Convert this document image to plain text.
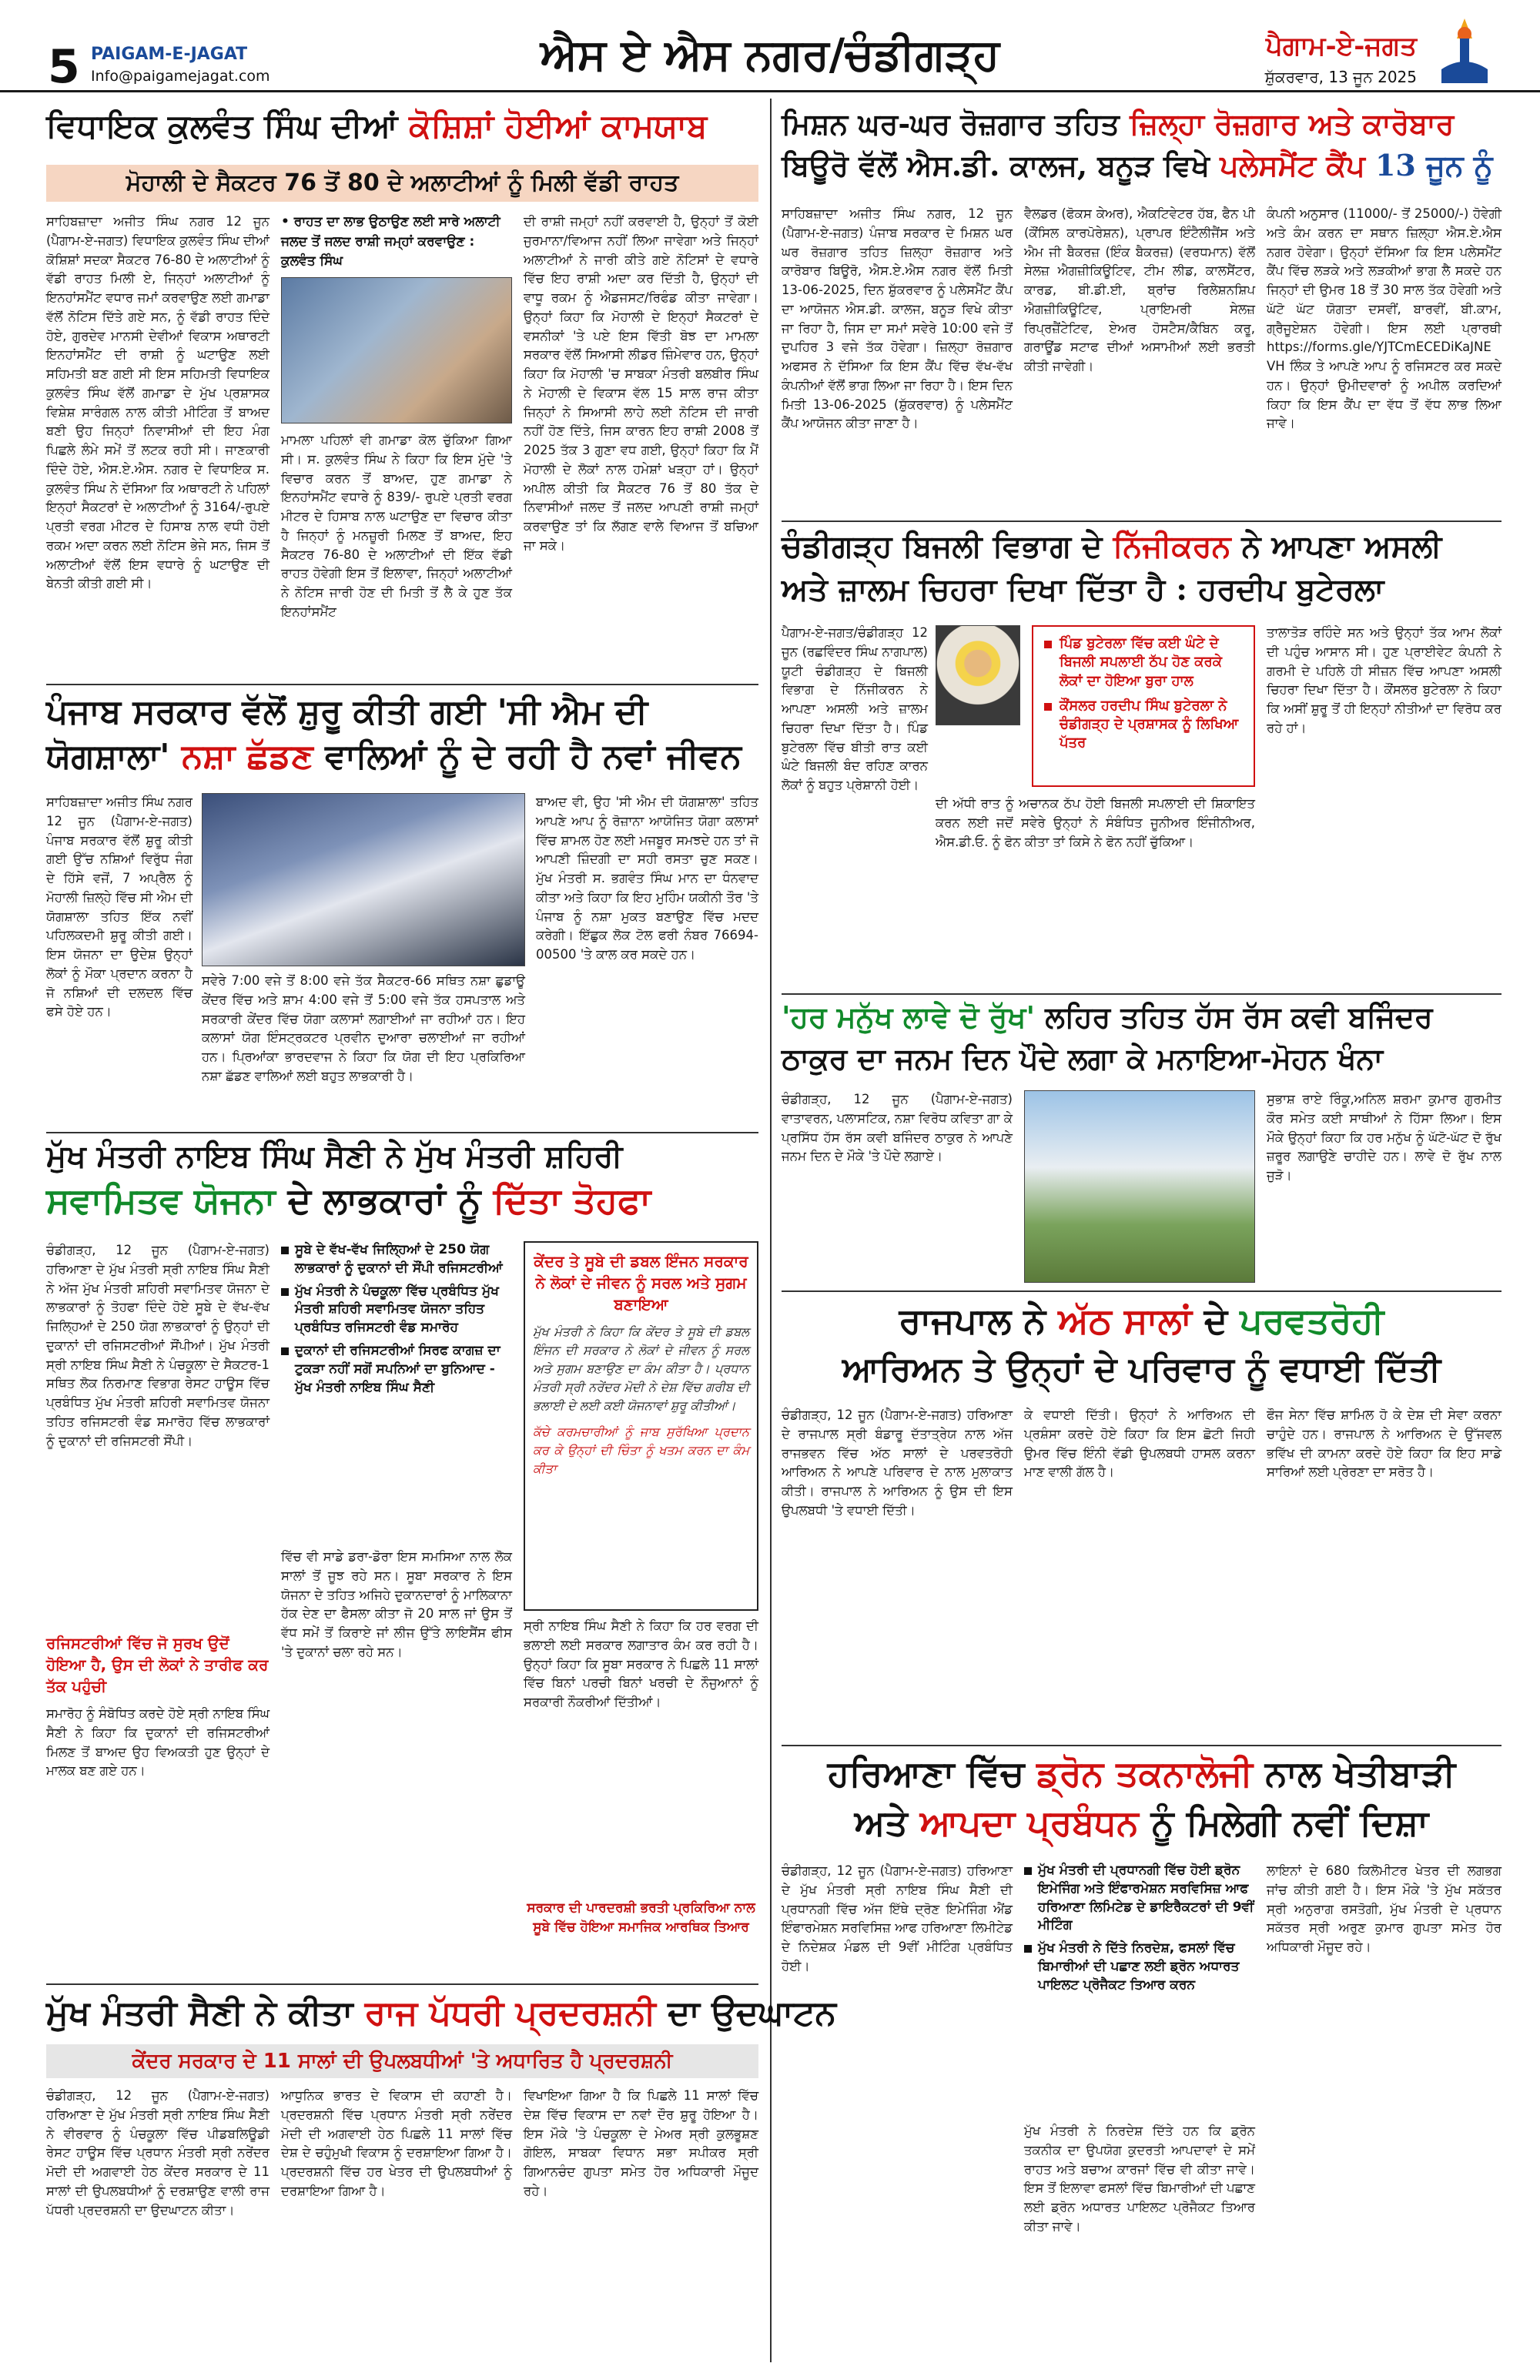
5 PAIGAM-E-JAGAT
Info@paigamejagat.com	ਐਸ ਏ ਐਸ ਨਗਰ/ਚੰਡੀਗੜ੍ਹ	ਪੈਗਾਮ-ਏ-ਜਗਤ
ਸ਼ੁੱਕਰਵਾਰ, 13 ਜੂਨ 2025
ਵਿਧਾਇਕ ਕੁਲਵੰਤ ਸਿੰਘ ਦੀਆਂ ਕੋਸ਼ਿਸ਼ਾਂ ਹੋਈਆਂ ਕਾਮਯਾਬ
ਮੋਹਾਲੀ ਦੇ ਸੈਕਟਰ 76 ਤੋਂ 80 ਦੇ ਅਲਾਟੀਆਂ ਨੂੰ ਮਿਲੀ ਵੱਡੀ ਰਾਹਤ
ਸਾਹਿਬਜ਼ਾਦਾ ਅਜੀਤ ਸਿੰਘ ਨਗਰ 12 ਜੂਨ (ਪੈਗਾਮ-ਏ-ਜਗਤ) ਵਿਧਾਇਕ ਕੁਲਵੰਤ ਸਿੰਘ ਦੀਆਂ ਕੋਸ਼ਿਸ਼ਾਂ ਸਦਕਾ ਸੈਕਟਰ 76-80 ਦੇ ਅਲਾਟੀਆਂ ਨੂੰ ਵੱਡੀ ਰਾਹਤ ਮਿਲੀ ਏ, ਜਿਨ੍ਹਾਂ ਅਲਾਟੀਆਂ ਨੂੰ ਇਨਹਾਂਸਮੈਂਟ ਵਧਾਰ ਜਮਾਂ ਕਰਵਾਉਣ ਲਈ ਗਮਾਡਾ ਵੱਲੋਂ ਨੋਟਿਸ ਦਿੱਤੇ ਗਏ ਸਨ, ਨੂੰ ਵੱਡੀ ਰਾਹਤ ਦਿੰਦੇ ਹੋਏ, ਗੁਰਦੇਵ ਮਾਨਸੀ ਦੇਵੀਆਂ ਵਿਕਾਸ ਅਥਾਰਟੀ ਇਨਹਾਂਸਮੈਂਟ ਦੀ ਰਾਸ਼ੀ ਨੂੰ ਘਟਾਉਣ ਲਈ ਸਹਿਮਤੀ ਬਣ ਗਈ ਸੀ ਇਸ ਸਹਿਮਤੀ ਵਿਧਾਇਕ ਕੁਲਵੰਤ ਸਿੰਘ ਵੱਲੋਂ ਗਮਾਡਾ ਦੇ ਮੁੱਖ ਪ੍ਰਸ਼ਾਸਕ ਵਿਸ਼ੇਸ਼ ਸਾਰੰਗਲ ਨਾਲ ਕੀਤੀ ਮੀਟਿੰਗ ਤੋਂ ਬਾਅਦ ਬਣੀ ਉਹ ਜਿਨ੍ਹਾਂ ਨਿਵਾਸੀਆਂ ਦੀ ਇਹ ਮੰਗ ਪਿਛਲੇ ਲੰਮੇ ਸਮੇਂ ਤੋਂ ਲਟਕ ਰਹੀ ਸੀ। ਜਾਣਕਾਰੀ ਦਿੰਦੇ ਹੋਏ, ਐਸ.ਏ.ਐਸ. ਨਗਰ ਦੇ ਵਿਧਾਇਕ ਸ. ਕੁਲਵੰਤ ਸਿੰਘ ਨੇ ਦੱਸਿਆ ਕਿ ਅਥਾਰਟੀ ਨੇ ਪਹਿਲਾਂ ਇਨ੍ਹਾਂ ਸੈਕਟਰਾਂ ਦੇ ਅਲਾਟੀਆਂ ਨੂੰ 3164/-ਰੁਪਏ ਪ੍ਰਤੀ ਵਰਗ ਮੀਟਰ ਦੇ ਹਿਸਾਬ ਨਾਲ ਵਧੀ ਹੋਈ ਰਕਮ ਅਦਾ ਕਰਨ ਲਈ ਨੋਟਿਸ ਭੇਜੇ ਸਨ, ਜਿਸ ਤੋਂ ਅਲਾਟੀਆਂ ਵੱਲੋਂ ਇਸ ਵਧਾਰੇ ਨੂੰ ਘਟਾਉਣ ਦੀ ਬੇਨਤੀ ਕੀਤੀ ਗਈ ਸੀ।
• ਰਾਹਤ ਦਾ ਲਾਭ ਉਠਾਉਣ ਲਈ ਸਾਰੇ ਅਲਾਟੀ ਜਲਦ ਤੋਂ ਜਲਦ ਰਾਸ਼ੀ ਜਮ੍ਹਾਂ ਕਰਵਾਉਣ : ਕੁਲਵੰਤ ਸਿੰਘ
ਮਾਮਲਾ ਪਹਿਲਾਂ ਵੀ ਗਮਾਡਾ ਕੋਲ ਚੁੱਕਿਆ ਗਿਆ ਸੀ। ਸ. ਕੁਲਵੰਤ ਸਿੰਘ ਨੇ ਕਿਹਾ ਕਿ ਇਸ ਮੁੱਦੇ 'ਤੇ ਵਿਚਾਰ ਕਰਨ ਤੋਂ ਬਾਅਦ, ਹੁਣ ਗਮਾਡਾ ਨੇ ਇਨਹਾਂਸਮੈਂਟ ਵਧਾਰੇ ਨੂੰ 839/- ਰੁਪਏ ਪ੍ਰਤੀ ਵਰਗ ਮੀਟਰ ਦੇ ਹਿਸਾਬ ਨਾਲ ਘਟਾਉਣ ਦਾ ਵਿਚਾਰ ਕੀਤਾ ਹੈ ਜਿਨ੍ਹਾਂ ਨੂੰ ਮਨਜ਼ੂਰੀ ਮਿਲਣ ਤੋਂ ਬਾਅਦ, ਇਹ ਸੈਕਟਰ 76-80 ਦੇ ਅਲਾਟੀਆਂ ਦੀ ਇੱਕ ਵੱਡੀ ਰਾਹਤ ਹੋਵੇਗੀ ਇਸ ਤੋਂ ਇਲਾਵਾ, ਜਿਨ੍ਹਾਂ ਅਲਾਟੀਆਂ ਨੇ ਨੋਟਿਸ ਜਾਰੀ ਹੋਣ ਦੀ ਮਿਤੀ ਤੋਂ ਲੈ ਕੇ ਹੁਣ ਤੱਕ ਇਨਹਾਂਸਮੈਂਟ
ਦੀ ਰਾਸ਼ੀ ਜਮ੍ਹਾਂ ਨਹੀਂ ਕਰਵਾਈ ਹੈ, ਉਨ੍ਹਾਂ ਤੋਂ ਕੋਈ ਜੁਰਮਾਨਾ/ਵਿਆਜ ਨਹੀਂ ਲਿਆ ਜਾਵੇਗਾ ਅਤੇ ਜਿਨ੍ਹਾਂ ਅਲਾਟੀਆਂ ਨੇ ਜਾਰੀ ਕੀਤੇ ਗਏ ਨੋਟਿਸਾਂ ਦੇ ਵਧਾਰੇ ਵਿੱਚ ਇਹ ਰਾਸ਼ੀ ਅਦਾ ਕਰ ਦਿੱਤੀ ਹੈ, ਉਨ੍ਹਾਂ ਦੀ ਵਾਧੂ ਰਕਮ ਨੂੰ ਐਡਜਸਟ/ਰਿਫੰਡ ਕੀਤਾ ਜਾਵੇਗਾ। ਉਨ੍ਹਾਂ ਕਿਹਾ ਕਿ ਮੋਹਾਲੀ ਦੇ ਇਨ੍ਹਾਂ ਸੈਕਟਰਾਂ ਦੇ ਵਸਨੀਕਾਂ 'ਤੇ ਪਏ ਇਸ ਵਿੱਤੀ ਬੋਝ ਦਾ ਮਾਮਲਾ ਸਰਕਾਰ ਵੱਲੋਂ ਸਿਆਸੀ ਲੀਡਰ ਜ਼ਿੰਮੇਵਾਰ ਹਨ, ਉਨ੍ਹਾਂ ਕਿਹਾ ਕਿ ਮੋਹਾਲੀ 'ਚ ਸਾਬਕਾ ਮੰਤਰੀ ਬਲਬੀਰ ਸਿੰਘ ਨੇ ਮੋਹਾਲੀ ਦੇ ਵਿਕਾਸ ਵੱਲ 15 ਸਾਲ ਰਾਜ ਕੀਤਾ ਜਿਨ੍ਹਾਂ ਨੇ ਸਿਆਸੀ ਲਾਹੇ ਲਈ ਨੋਟਿਸ ਦੀ ਜਾਰੀ ਨਹੀਂ ਹੋਣ ਦਿੱਤੇ, ਜਿਸ ਕਾਰਨ ਇਹ ਰਾਸ਼ੀ 2008 ਤੋਂ 2025 ਤੱਕ 3 ਗੁਣਾ ਵਧ ਗਈ, ਉਨ੍ਹਾਂ ਕਿਹਾ ਕਿ ਮੈਂ ਮੋਹਾਲੀ ਦੇ ਲੋਕਾਂ ਨਾਲ ਹਮੇਸ਼ਾਂ ਖੜ੍ਹਾ ਹਾਂ। ਉਨ੍ਹਾਂ ਅਪੀਲ ਕੀਤੀ ਕਿ ਸੈਕਟਰ 76 ਤੋਂ 80 ਤੱਕ ਦੇ ਨਿਵਾਸੀਆਂ ਜਲਦ ਤੋਂ ਜਲਦ ਆਪਣੀ ਰਾਸ਼ੀ ਜਮ੍ਹਾਂ ਕਰਵਾਉਣ ਤਾਂ ਕਿ ਲੱਗਣ ਵਾਲੇ ਵਿਆਜ ਤੋਂ ਬਚਿਆ ਜਾ ਸਕੇ।
ਪੰਜਾਬ ਸਰਕਾਰ ਵੱਲੋਂ ਸ਼ੁਰੂ ਕੀਤੀ ਗਈ 'ਸੀ ਐਮ ਦੀ
ਯੋਗਸ਼ਾਲਾ' ਨਸ਼ਾ ਛੱਡਣ ਵਾਲਿਆਂ ਨੂੰ ਦੇ ਰਹੀ ਹੈ ਨਵਾਂ ਜੀਵਨ
ਸਾਹਿਬਜ਼ਾਦਾ ਅਜੀਤ ਸਿੰਘ ਨਗਰ 12 ਜੂਨ (ਪੈਗਾਮ-ਏ-ਜਗਤ) ਪੰਜਾਬ ਸਰਕਾਰ ਵੱਲੋਂ ਸ਼ੁਰੂ ਕੀਤੀ ਗਈ ਉੱਚ ਨਸ਼ਿਆਂ ਵਿਰੁੱਧ ਜੰਗ ਦੇ ਹਿੱਸੇ ਵਜੋਂ, 7 ਅਪ੍ਰੈਲ ਨੂੰ ਮੋਹਾਲੀ ਜ਼ਿਲ੍ਹੇ ਵਿੱਚ ਸੀ ਐਮ ਦੀ ਯੋਗਸ਼ਾਲਾ ਤਹਿਤ ਇੱਕ ਨਵੀਂ ਪਹਿਲਕਦਮੀ ਸ਼ੁਰੂ ਕੀਤੀ ਗਈ। ਇਸ ਯੋਜਨਾ ਦਾ ਉਦੇਸ਼ ਉਨ੍ਹਾਂ ਲੋਕਾਂ ਨੂੰ ਮੌਕਾ ਪ੍ਰਦਾਨ ਕਰਨਾ ਹੈ ਜੋ ਨਸ਼ਿਆਂ ਦੀ ਦਲਦਲ ਵਿੱਚ ਫਸੇ ਹੋਏ ਹਨ।
ਸਵੇਰੇ 7:00 ਵਜੇ ਤੋਂ 8:00 ਵਜੇ ਤੱਕ ਸੈਕਟਰ-66 ਸਥਿਤ ਨਸ਼ਾ ਛੁਡਾਊ ਕੇਂਦਰ ਵਿੱਚ ਅਤੇ ਸ਼ਾਮ 4:00 ਵਜੇ ਤੋਂ 5:00 ਵਜੇ ਤੱਕ ਹਸਪਤਾਲ ਅਤੇ ਸਰਕਾਰੀ ਕੇਂਦਰ ਵਿੱਚ ਯੋਗਾ ਕਲਾਸਾਂ ਲਗਾਈਆਂ ਜਾ ਰਹੀਆਂ ਹਨ। ਇਹ ਕਲਾਸਾਂ ਯੋਗ ਇੰਸਟ੍ਰਕਟਰ ਪ੍ਰਵੀਨ ਦੁਆਰਾ ਚਲਾਈਆਂ ਜਾ ਰਹੀਆਂ ਹਨ। ਪ੍ਰਿਆਂਕਾ ਭਾਰਦਵਾਜ ਨੇ ਕਿਹਾ ਕਿ ਯੋਗ ਦੀ ਇਹ ਪ੍ਰਕਿਰਿਆ ਨਸ਼ਾ ਛੱਡਣ ਵਾਲਿਆਂ ਲਈ ਬਹੁਤ ਲਾਭਕਾਰੀ ਹੈ।
ਬਾਅਦ ਵੀ, ਉਹ 'ਸੀ ਐਮ ਦੀ ਯੋਗਸ਼ਾਲਾ' ਤਹਿਤ ਆਪਣੇ ਆਪ ਨੂੰ ਰੋਜ਼ਾਨਾ ਆਯੋਜਿਤ ਯੋਗਾ ਕਲਾਸਾਂ ਵਿੱਚ ਸ਼ਾਮਲ ਹੋਣ ਲਈ ਮਜਬੂਰ ਸਮਝਦੇ ਹਨ ਤਾਂ ਜੋ ਆਪਣੀ ਜ਼ਿੰਦਗੀ ਦਾ ਸਹੀ ਰਸਤਾ ਚੁਣ ਸਕਣ। ਮੁੱਖ ਮੰਤਰੀ ਸ. ਭਗਵੰਤ ਸਿੰਘ ਮਾਨ ਦਾ ਧੰਨਵਾਦ ਕੀਤਾ ਅਤੇ ਕਿਹਾ ਕਿ ਇਹ ਮੁਹਿੰਮ ਯਕੀਨੀ ਤੌਰ 'ਤੇ ਪੰਜਾਬ ਨੂੰ ਨਸ਼ਾ ਮੁਕਤ ਬਣਾਉਣ ਵਿੱਚ ਮਦਦ ਕਰੇਗੀ। ਇੱਛੁਕ ਲੋਕ ਟੋਲ ਫਰੀ ਨੰਬਰ 76694-00500 'ਤੇ ਕਾਲ ਕਰ ਸਕਦੇ ਹਨ।
ਮੁੱਖ ਮੰਤਰੀ ਨਾਇਬ ਸਿੰਘ ਸੈਣੀ ਨੇ ਮੁੱਖ ਮੰਤਰੀ ਸ਼ਹਿਰੀ
ਸਵਾਮਿਤਵ ਯੋਜਨਾ ਦੇ ਲਾਭਕਾਰਾਂ ਨੂੰ ਦਿੱਤਾ ਤੋਹਫਾ
ਚੰਡੀਗੜ੍ਹ, 12 ਜੂਨ (ਪੈਗਾਮ-ਏ-ਜਗਤ) ਹਰਿਆਣਾ ਦੇ ਮੁੱਖ ਮੰਤਰੀ ਸ੍ਰੀ ਨਾਇਬ ਸਿੰਘ ਸੈਣੀ ਨੇ ਅੱਜ ਮੁੱਖ ਮੰਤਰੀ ਸ਼ਹਿਰੀ ਸਵਾਮਿਤਵ ਯੋਜਨਾ ਦੇ ਲਾਭਕਾਰਾਂ ਨੂੰ ਤੋਹਫਾ ਦਿੰਦੇ ਹੋਏ ਸੂਬੇ ਦੇ ਵੱਖ-ਵੱਖ ਜਿਲ੍ਹਿਆਂ ਦੇ 250 ਯੋਗ ਲਾਭਕਾਰਾਂ ਨੂੰ ਉਨ੍ਹਾਂ ਦੀ ਦੁਕਾਨਾਂ ਦੀ ਰਜਿਸਟਰੀਆਂ ਸੌਂਪੀਆਂ। ਮੁੱਖ ਮੰਤਰੀ ਸ੍ਰੀ ਨਾਇਬ ਸਿੰਘ ਸੈਣੀ ਨੇ ਪੰਚਕੂਲਾ ਦੇ ਸੈਕਟਰ-1 ਸਥਿਤ ਲੋਕ ਨਿਰਮਾਣ ਵਿਭਾਗ ਰੇਸਟ ਹਾਊਸ ਵਿੱਚ ਪ੍ਰਬੰਧਿਤ ਮੁੱਖ ਮੰਤਰੀ ਸ਼ਹਿਰੀ ਸਵਾਮਿਤਵ ਯੋਜਨਾ ਤਹਿਤ ਰਜਿਸਟਰੀ ਵੰਡ ਸਮਾਰੋਹ ਵਿੱਚ ਲਾਭਕਾਰਾਂ ਨੂੰ ਦੁਕਾਨਾਂ ਦੀ ਰਜਿਸਟਰੀ ਸੌਂਪੀ।
ਰਜਿਸਟਰੀਆਂ ਵਿੱਚ ਜੋ ਸੁਰਖ ਉਦੋਂ ਹੋਇਆ ਹੈ, ਉਸ ਦੀ ਲੋਕਾਂ ਨੇ ਤਾਰੀਫ ਕਰ ਤੱਕ ਪਹੁੰਚੀ
ਸਮਾਰੋਹ ਨੂੰ ਸੰਬੋਧਿਤ ਕਰਦੇ ਹੋਏ ਸ੍ਰੀ ਨਾਇਬ ਸਿੰਘ ਸੈਣੀ ਨੇ ਕਿਹਾ ਕਿ ਦੁਕਾਨਾਂ ਦੀ ਰਜਿਸਟਰੀਆਂ ਮਿਲਣ ਤੋਂ ਬਾਅਦ ਉਹ ਵਿਅਕਤੀ ਹੁਣ ਉਨ੍ਹਾਂ ਦੇ ਮਾਲਕ ਬਣ ਗਏ ਹਨ।
ਸੂਬੇ ਦੇ ਵੱਖ-ਵੱਖ ਜਿਲ੍ਹਿਆਂ ਦੇ 250 ਯੋਗ ਲਾਭਕਾਰਾਂ ਨੂੰ ਦੁਕਾਨਾਂ ਦੀ ਸੌਂਪੀ ਰਜਿਸਟਰੀਆਂ
ਮੁੱਖ ਮੰਤਰੀ ਨੇ ਪੰਚਕੂਲਾ ਵਿੱਚ ਪ੍ਰਬੰਧਿਤ ਮੁੱਖ ਮੰਤਰੀ ਸ਼ਹਿਰੀ ਸਵਾਮਿਤਵ ਯੋਜਨਾ ਤਹਿਤ ਪ੍ਰਬੰਧਿਤ ਰਜਿਸਟਰੀ ਵੰਡ ਸਮਾਰੋਹ
ਦੁਕਾਨਾਂ ਦੀ ਰਜਿਸਟਰੀਆਂ ਸਿਰਫ ਕਾਗਜ਼ ਦਾ ਟੁਕੜਾ ਨਹੀਂ ਸਗੋਂ ਸਪਨਿਆਂ ਦਾ ਬੁਨਿਆਦ - ਮੁੱਖ ਮੰਤਰੀ ਨਾਇਬ ਸਿੰਘ ਸੈਣੀ
ਵਿੱਚ ਵੀ ਸਾਡੇ ਡਰਾ-ਡੋਰਾ ਇਸ ਸਮਸਿਆ ਨਾਲ ਲੋਕ ਸਾਲਾਂ ਤੋਂ ਜੂਝ ਰਹੇ ਸਨ। ਸੂਬਾ ਸਰਕਾਰ ਨੇ ਇਸ ਯੋਜਨਾ ਦੇ ਤਹਿਤ ਅਜਿਹੇ ਦੁਕਾਨਦਾਰਾਂ ਨੂੰ ਮਾਲਿਕਾਨਾ ਹੱਕ ਦੇਣ ਦਾ ਫੈਸਲਾ ਕੀਤਾ ਜੋ 20 ਸਾਲ ਜਾਂ ਉਸ ਤੋਂ ਵੱਧ ਸਮੇਂ ਤੋਂ ਕਿਰਾਏ ਜਾਂ ਲੀਜ ਉੱਤੇ ਲਾਇਸੈਂਸ ਫੀਸ 'ਤੇ ਦੁਕਾਨਾਂ ਚਲਾ ਰਹੇ ਸਨ।
ਕੇਂਦਰ ਤੇ ਸੂਬੇ ਦੀ ਡਬਲ ਇੰਜਨ ਸਰਕਾਰ ਨੇ ਲੋਕਾਂ ਦੇ ਜੀਵਨ ਨੂੰ ਸਰਲ ਅਤੇ ਸੁਗਮ ਬਣਾਇਆ
ਮੁੱਖ ਮੰਤਰੀ ਨੇ ਕਿਹਾ ਕਿ ਕੇਂਦਰ ਤੇ ਸੂਬੇ ਦੀ ਡਬਲ ਇੰਜਨ ਦੀ ਸਰਕਾਰ ਨੇ ਲੋਕਾਂ ਦੇ ਜੀਵਨ ਨੂੰ ਸਰਲ ਅਤੇ ਸੁਗਮ ਬਣਾਉਣ ਦਾ ਕੰਮ ਕੀਤਾ ਹੈ। ਪ੍ਰਧਾਨ ਮੰਤਰੀ ਸ੍ਰੀ ਨਰੇਂਦਰ ਮੋਦੀ ਨੇ ਦੇਸ਼ ਵਿੱਚ ਗਰੀਬ ਦੀ ਭਲਾਈ ਦੇ ਲਈ ਕਈ ਯੋਜਨਾਵਾਂ ਸ਼ੁਰੂ ਕੀਤੀਆਂ।
ਕੱਚੇ ਕਰਮਚਾਰੀਆਂ ਨੂੰ ਜਾਬ ਸੁਰੱਖਿਆ ਪ੍ਰਦਾਨ ਕਰ ਕੇ ਉਨ੍ਹਾਂ ਦੀ ਚਿੰਤਾ ਨੂੰ ਖਤਮ ਕਰਨ ਦਾ ਕੰਮ ਕੀਤਾ
ਸ੍ਰੀ ਨਾਇਬ ਸਿੰਘ ਸੈਣੀ ਨੇ ਕਿਹਾ ਕਿ ਹਰ ਵਰਗ ਦੀ ਭਲਾਈ ਲਈ ਸਰਕਾਰ ਲਗਾਤਾਰ ਕੰਮ ਕਰ ਰਹੀ ਹੈ। ਉਨ੍ਹਾਂ ਕਿਹਾ ਕਿ ਸੂਬਾ ਸਰਕਾਰ ਨੇ ਪਿਛਲੇ 11 ਸਾਲਾਂ ਵਿੱਚ ਬਿਨਾਂ ਪਰਚੀ ਬਿਨਾਂ ਖਰਚੀ ਦੇ ਨੌਜੁਆਨਾਂ ਨੂੰ ਸਰਕਾਰੀ ਨੌਕਰੀਆਂ ਦਿੱਤੀਆਂ।
ਸਰਕਾਰ ਦੀ ਪਾਰਦਰਸ਼ੀ ਭਰਤੀ ਪ੍ਰਕਿਰਿਆ ਨਾਲ ਸੂਬੇ ਵਿੱਚ ਹੋਇਆ ਸਮਾਜਿਕ ਆਰਥਿਕ ਤਿਆਰ
ਮੁੱਖ ਮੰਤਰੀ ਸੈਣੀ ਨੇ ਕੀਤਾ ਰਾਜ ਪੱਧਰੀ ਪ੍ਰਦਰਸ਼ਨੀ ਦਾ ਉਦਘਾਟਨ
ਕੇਂਦਰ ਸਰਕਾਰ ਦੇ 11 ਸਾਲਾਂ ਦੀ ਉਪਲਬਧੀਆਂ 'ਤੇ ਅਧਾਰਿਤ ਹੈ ਪ੍ਰਦਰਸ਼ਨੀ
ਚੰਡੀਗੜ੍ਹ, 12 ਜੂਨ (ਪੈਗਾਮ-ਏ-ਜਗਤ) ਹਰਿਆਣਾ ਦੇ ਮੁੱਖ ਮੰਤਰੀ ਸ੍ਰੀ ਨਾਇਬ ਸਿੰਘ ਸੈਣੀ ਨੇ ਵੀਰਵਾਰ ਨੂੰ ਪੰਚਕੂਲਾ ਵਿੱਚ ਪੀਡਬਲਿਊਡੀ ਰੇਸਟ ਹਾਊਸ ਵਿੱਚ ਪ੍ਰਧਾਨ ਮੰਤਰੀ ਸ੍ਰੀ ਨਰੇਂਦਰ ਮੋਦੀ ਦੀ ਅਗਵਾਈ ਹੇਠ ਕੇਂਦਰ ਸਰਕਾਰ ਦੇ 11 ਸਾਲਾਂ ਦੀ ਉਪਲਬਧੀਆਂ ਨੂੰ ਦਰਸ਼ਾਉਣ ਵਾਲੀ ਰਾਜ ਪੱਧਰੀ ਪ੍ਰਦਰਸ਼ਨੀ ਦਾ ਉਦਘਾਟਨ ਕੀਤਾ।
ਆਧੁਨਿਕ ਭਾਰਤ ਦੇ ਵਿਕਾਸ ਦੀ ਕਹਾਣੀ ਹੈ। ਪ੍ਰਦਰਸ਼ਨੀ ਵਿੱਚ ਪ੍ਰਧਾਨ ਮੰਤਰੀ ਸ੍ਰੀ ਨਰੇਂਦਰ ਮੋਦੀ ਦੀ ਅਗਵਾਈ ਹੇਠ ਪਿਛਲੇ 11 ਸਾਲਾਂ ਵਿੱਚ ਦੇਸ਼ ਦੇ ਚਹੁੰਮੁਖੀ ਵਿਕਾਸ ਨੂੰ ਦਰਸ਼ਾਇਆ ਗਿਆ ਹੈ। ਪ੍ਰਦਰਸ਼ਨੀ ਵਿੱਚ ਹਰ ਖੇਤਰ ਦੀ ਉਪਲਬਧੀਆਂ ਨੂੰ ਦਰਸ਼ਾਇਆ ਗਿਆ ਹੈ।
ਵਿਖਾਇਆ ਗਿਆ ਹੈ ਕਿ ਪਿਛਲੇ 11 ਸਾਲਾਂ ਵਿੱਚ ਦੇਸ਼ ਵਿੱਚ ਵਿਕਾਸ ਦਾ ਨਵਾਂ ਦੌਰ ਸ਼ੁਰੂ ਹੋਇਆ ਹੈ। ਇਸ ਮੌਕੇ 'ਤੇ ਪੰਚਕੂਲਾ ਦੇ ਮੇਅਰ ਸ੍ਰੀ ਕੁਲਭੂਸ਼ਣ ਗੋਇਲ, ਸਾਬਕਾ ਵਿਧਾਨ ਸਭਾ ਸਪੀਕਰ ਸ੍ਰੀ ਗਿਆਨਚੰਦ ਗੁਪਤਾ ਸਮੇਤ ਹੋਰ ਅਧਿਕਾਰੀ ਮੌਜੂਦ ਰਹੇ।
ਮਿਸ਼ਨ ਘਰ-ਘਰ ਰੋਜ਼ਗਾਰ ਤਹਿਤ ਜ਼ਿਲ੍ਹਾ ਰੋਜ਼ਗਾਰ ਅਤੇ ਕਾਰੋਬਾਰ
ਬਿਊਰੋ ਵੱਲੋਂ ਐਸ.ਡੀ. ਕਾਲਜ, ਬਨੂੜ ਵਿਖੇ ਪਲੇਸਮੈਂਟ ਕੈਂਪ 13 ਜੂਨ ਨੂੰ
ਸਾਹਿਬਜ਼ਾਦਾ ਅਜੀਤ ਸਿੰਘ ਨਗਰ, 12 ਜੂਨ (ਪੈਗਾਮ-ਏ-ਜਗਤ) ਪੰਜਾਬ ਸਰਕਾਰ ਦੇ ਮਿਸ਼ਨ ਘਰ ਘਰ ਰੋਜ਼ਗਾਰ ਤਹਿਤ ਜ਼ਿਲ੍ਹਾ ਰੋਜ਼ਗਾਰ ਅਤੇ ਕਾਰੋਬਾਰ ਬਿਊਰੋ, ਐਸ.ਏ.ਐਸ ਨਗਰ ਵੱਲੋਂ ਮਿਤੀ 13-06-2025, ਦਿਨ ਸ਼ੁੱਕਰਵਾਰ ਨੂੰ ਪਲੇਸਮੈਂਟ ਕੈਂਪ ਦਾ ਆਯੋਜਨ ਐਸ.ਡੀ. ਕਾਲਜ, ਬਨੂੜ ਵਿਖੇ ਕੀਤਾ ਜਾ ਰਿਹਾ ਹੈ, ਜਿਸ ਦਾ ਸਮਾਂ ਸਵੇਰੇ 10:00 ਵਜੇ ਤੋਂ ਦੁਪਹਿਰ 3 ਵਜੇ ਤੱਕ ਹੋਵੇਗਾ। ਜ਼ਿਲ੍ਹਾ ਰੋਜ਼ਗਾਰ ਅਫਸਰ ਨੇ ਦੱਸਿਆ ਕਿ ਇਸ ਕੈਂਪ ਵਿੱਚ ਵੱਖ-ਵੱਖ ਕੰਪਨੀਆਂ ਵੱਲੋਂ ਭਾਗ ਲਿਆ ਜਾ ਰਿਹਾ ਹੈ। ਇਸ ਦਿਨ ਮਿਤੀ 13-06-2025 (ਸ਼ੁੱਕਰਵਾਰ) ਨੂੰ ਪਲੇਸਮੈਂਟ ਕੈਂਪ ਆਯੋਜਨ ਕੀਤਾ ਜਾਣਾ ਹੈ।
ਵੈਲਡਰ (ਫੋਕਸ ਕੇਅਰ), ਐਕਟਿਵੇਟਰ ਹੱਬ, ਫੈਨ ਪੀ (ਕੌਂਸਿਲ ਕਾਰਪੋਰੇਸ਼ਨ), ਪ੍ਰਾਪਰ ਇੰਟੈਲੀਜੈਂਸ ਅਤੇ ਐਮ ਜੀ ਬੈਕਰਜ਼ (ਇੰਕ ਬੈਕਰਜ਼) (ਵਰਧਮਾਨ) ਵੱਲੋਂ ਸੇਲਜ਼ ਐਗਜ਼ੀਕਿਊਟਿਵ, ਟੀਮ ਲੀਡ, ਕਾਲਸੈਂਟਰ, ਕਾਰਡ, ਬੀ.ਡੀ.ਈ, ਬ੍ਰਾਂਚ ਰਿਲੇਸ਼ਨਸ਼ਿਪ ਐਗਜ਼ੀਕਿਊਟਿਵ, ਪ੍ਰਾਇਮਰੀ ਸੇਲਜ਼ ਰਿਪ੍ਰਜ਼ੈਂਟੇਟਿਵ, ਏਅਰ ਹੋਸਟੈਸ/ਕੈਬਿਨ ਕਰੂ, ਗਰਾਊਂਡ ਸਟਾਫ ਦੀਆਂ ਅਸਾਮੀਆਂ ਲਈ ਭਰਤੀ ਕੀਤੀ ਜਾਵੇਗੀ।
ਕੰਪਨੀ ਅਨੁਸਾਰ (11000/- ਤੋਂ 25000/-) ਹੋਵੇਗੀ ਅਤੇ ਕੰਮ ਕਰਨ ਦਾ ਸਥਾਨ ਜ਼ਿਲ੍ਹਾ ਐਸ.ਏ.ਐਸ ਨਗਰ ਹੋਵੇਗਾ। ਉਨ੍ਹਾਂ ਦੱਸਿਆ ਕਿ ਇਸ ਪਲੇਸਮੈਂਟ ਕੈਂਪ ਵਿੱਚ ਲੜਕੇ ਅਤੇ ਲੜਕੀਆਂ ਭਾਗ ਲੈ ਸਕਦੇ ਹਨ ਜਿਨ੍ਹਾਂ ਦੀ ਉਮਰ 18 ਤੋਂ 30 ਸਾਲ ਤੱਕ ਹੋਵੇਗੀ ਅਤੇ ਘੱਟੋ ਘੱਟ ਯੋਗਤਾ ਦਸਵੀਂ, ਬਾਰਵੀਂ, ਬੀ.ਕਾਮ, ਗ੍ਰੈਜੂਏਸ਼ਨ ਹੋਵੇਗੀ। ਇਸ ਲਈ ਪ੍ਰਾਰਥੀ https://forms.gle/YJTCmECEDiKaJNE VH ਲਿੰਕ ਤੇ ਆਪਣੇ ਆਪ ਨੂੰ ਰਜਿਸਟਰ ਕਰ ਸਕਦੇ ਹਨ। ਉਨ੍ਹਾਂ ਉਮੀਦਵਾਰਾਂ ਨੂੰ ਅਪੀਲ ਕਰਦਿਆਂ ਕਿਹਾ ਕਿ ਇਸ ਕੈਂਪ ਦਾ ਵੱਧ ਤੋਂ ਵੱਧ ਲਾਭ ਲਿਆ ਜਾਵੇ।
ਚੰਡੀਗੜ੍ਹ ਬਿਜਲੀ ਵਿਭਾਗ ਦੇ ਨਿੱਜੀਕਰਨ ਨੇ ਆਪਣਾ ਅਸਲੀ
ਅਤੇ ਜ਼ਾਲਮ ਚਿਹਰਾ ਦਿਖਾ ਦਿੱਤਾ ਹੈ : ਹਰਦੀਪ ਬੁਟੇਰਲਾ
ਪੈਗਾਮ-ਏ-ਜਗਤ/ਚੰਡੀਗੜ੍ਹ 12 ਜੂਨ (ਰਛਵਿੰਦਰ ਸਿੰਘ ਨਾਗਪਾਲ) ਯੂਟੀ ਚੰਡੀਗੜ੍ਹ ਦੇ ਬਿਜਲੀ ਵਿਭਾਗ ਦੇ ਨਿੱਜੀਕਰਨ ਨੇ ਆਪਣਾ ਅਸਲੀ ਅਤੇ ਜ਼ਾਲਮ ਚਿਹਰਾ ਦਿਖਾ ਦਿੱਤਾ ਹੈ। ਪਿੰਡ ਬੁਟੇਰਲਾ ਵਿੱਚ ਬੀਤੀ ਰਾਤ ਕਈ ਘੰਟੇ ਬਿਜਲੀ ਬੰਦ ਰਹਿਣ ਕਾਰਨ ਲੋਕਾਂ ਨੂੰ ਬਹੁਤ ਪ੍ਰੇਸ਼ਾਨੀ ਹੋਈ।
ਪਿੰਡ ਬੁਟੇਰਲਾ ਵਿੱਚ ਕਈ ਘੰਟੇ ਦੇ ਬਿਜਲੀ ਸਪਲਾਈ ਠੱਪ ਹੋਣ ਕਰਕੇ ਲੋਕਾਂ ਦਾ ਹੋਇਆ ਬੁਰਾ ਹਾਲ
ਕੌਂਸਲਰ ਹਰਦੀਪ ਸਿੰਘ ਬੁਟੇਰਲਾ ਨੇ ਚੰਡੀਗੜ੍ਹ ਦੇ ਪ੍ਰਸ਼ਾਸਕ ਨੂੰ ਲਿਖਿਆ ਪੱਤਰ
ਦੀ ਅੱਧੀ ਰਾਤ ਨੂੰ ਅਚਾਨਕ ਠੱਪ ਹੋਈ ਬਿਜਲੀ ਸਪਲਾਈ ਦੀ ਸ਼ਿਕਾਇਤ ਕਰਨ ਲਈ ਜਦੋਂ ਸਵੇਰੇ ਉਨ੍ਹਾਂ ਨੇ ਸੰਬੰਧਿਤ ਜੂਨੀਅਰ ਇੰਜੀਨੀਅਰ, ਐਸ.ਡੀ.ਓ. ਨੂੰ ਫੋਨ ਕੀਤਾ ਤਾਂ ਕਿਸੇ ਨੇ ਫੋਨ ਨਹੀਂ ਚੁੱਕਿਆ।
ਤਾਲਾਤੋੜ ਰਹਿੰਦੇ ਸਨ ਅਤੇ ਉਨ੍ਹਾਂ ਤੱਕ ਆਮ ਲੋਕਾਂ ਦੀ ਪਹੁੰਚ ਆਸਾਨ ਸੀ। ਹੁਣ ਪ੍ਰਾਈਵੇਟ ਕੰਪਨੀ ਨੇ ਗਰਮੀ ਦੇ ਪਹਿਲੇ ਹੀ ਸੀਜ਼ਨ ਵਿੱਚ ਆਪਣਾ ਅਸਲੀ ਚਿਹਰਾ ਦਿਖਾ ਦਿੱਤਾ ਹੈ। ਕੌਂਸਲਰ ਬੁਟੇਰਲਾ ਨੇ ਕਿਹਾ ਕਿ ਅਸੀਂ ਸ਼ੁਰੂ ਤੋਂ ਹੀ ਇਨ੍ਹਾਂ ਨੀਤੀਆਂ ਦਾ ਵਿਰੋਧ ਕਰ ਰਹੇ ਹਾਂ।
'ਹਰ ਮਨੁੱਖ ਲਾਵੇ ਦੋ ਰੁੱਖ' ਲਹਿਰ ਤਹਿਤ ਹੱਸ ਰੱਸ ਕਵੀ ਬਜਿੰਦਰ
ਠਾਕੁਰ ਦਾ ਜਨਮ ਦਿਨ ਪੌਦੇ ਲਗਾ ਕੇ ਮਨਾਇਆ-ਮੋਹਨ ਖੰਨਾ
ਚੰਡੀਗੜ੍ਹ, 12 ਜੂਨ (ਪੈਗਾਮ-ਏ-ਜਗਤ) ਵਾਤਾਵਰਨ, ਪਲਾਸਟਿਕ, ਨਸ਼ਾ ਵਿਰੋਧ ਕਵਿਤਾ ਗਾ ਕੇ ਪ੍ਰਸਿੱਧ ਹੱਸ ਰੱਸ ਕਵੀ ਬਜਿੰਦਰ ਠਾਕੁਰ ਨੇ ਆਪਣੇ ਜਨਮ ਦਿਨ ਦੇ ਮੌਕੇ 'ਤੇ ਪੌਦੇ ਲਗਾਏ।
ਸੁਭਾਸ਼ ਰਾਏ ਰਿੰਕੂ,ਅਨਿਲ ਸ਼ਰਮਾ ਕੁਮਾਰ ਗੁਰਮੀਤ ਕੌਰ ਸਮੇਤ ਕਈ ਸਾਥੀਆਂ ਨੇ ਹਿੱਸਾ ਲਿਆ। ਇਸ ਮੌਕੇ ਉਨ੍ਹਾਂ ਕਿਹਾ ਕਿ ਹਰ ਮਨੁੱਖ ਨੂੰ ਘੱਟੋ-ਘੱਟ ਦੋ ਰੁੱਖ ਜ਼ਰੂਰ ਲਗਾਉਣੇ ਚਾਹੀਦੇ ਹਨ। ਲਾਵੇ ਦੋ ਰੁੱਖ ਨਾਲ ਜੁੜੋ।
ਰਾਜਪਾਲ ਨੇ ਅੱਠ ਸਾਲਾਂ ਦੇ ਪਰਵਤਰੋਹੀ
ਆਰਿਅਨ ਤੇ ਉਨ੍ਹਾਂ ਦੇ ਪਰਿਵਾਰ ਨੂੰ ਵਧਾਈ ਦਿੱਤੀ
ਚੰਡੀਗੜ੍ਹ, 12 ਜੂਨ (ਪੈਗਾਮ-ਏ-ਜਗਤ) ਹਰਿਆਣਾ ਦੇ ਰਾਜਪਾਲ ਸ੍ਰੀ ਬੰਡਾਰੂ ਦੱਤਾਤ੍ਰੇਯ ਨਾਲ ਅੱਜ ਰਾਜਭਵਨ ਵਿੱਚ ਅੱਠ ਸਾਲਾਂ ਦੇ ਪਰਵਤਰੋਹੀ ਆਰਿਅਨ ਨੇ ਆਪਣੇ ਪਰਿਵਾਰ ਦੇ ਨਾਲ ਮੁਲਾਕਾਤ ਕੀਤੀ। ਰਾਜਪਾਲ ਨੇ ਆਰਿਅਨ ਨੂੰ ਉਸ ਦੀ ਇਸ ਉਪਲਬਧੀ 'ਤੇ ਵਧਾਈ ਦਿੱਤੀ।
ਕੇ ਵਧਾਈ ਦਿੱਤੀ। ਉਨ੍ਹਾਂ ਨੇ ਆਰਿਅਨ ਦੀ ਪ੍ਰਸ਼ੰਸਾ ਕਰਦੇ ਹੋਏ ਕਿਹਾ ਕਿ ਇਸ ਛੋਟੀ ਜਿਹੀ ਉਮਰ ਵਿੱਚ ਇੰਨੀ ਵੱਡੀ ਉਪਲਬਧੀ ਹਾਸਲ ਕਰਨਾ ਮਾਣ ਵਾਲੀ ਗੱਲ ਹੈ।
ਫੌਜ ਸੇਨਾ ਵਿੱਚ ਸ਼ਾਮਿਲ ਹੋ ਕੇ ਦੇਸ਼ ਦੀ ਸੇਵਾ ਕਰਨਾ ਚਾਹੁੰਦੇ ਹਨ। ਰਾਜਪਾਲ ਨੇ ਆਰਿਅਨ ਦੇ ਉੱਜਵਲ ਭਵਿੱਖ ਦੀ ਕਾਮਨਾ ਕਰਦੇ ਹੋਏ ਕਿਹਾ ਕਿ ਇਹ ਸਾਡੇ ਸਾਰਿਆਂ ਲਈ ਪ੍ਰੇਰਣਾ ਦਾ ਸਰੋਤ ਹੈ।
ਹਰਿਆਣਾ ਵਿੱਚ ਡ੍ਰੋਨ ਤਕਨਾਲੋਜੀ ਨਾਲ ਖੇਤੀਬਾੜੀ
ਅਤੇ ਆਪਦਾ ਪ੍ਰਬੰਧਨ ਨੂੰ ਮਿਲੇਗੀ ਨਵੀਂ ਦਿਸ਼ਾ
ਚੰਡੀਗੜ੍ਹ, 12 ਜੂਨ (ਪੈਗਾਮ-ਏ-ਜਗਤ) ਹਰਿਆਣਾ ਦੇ ਮੁੱਖ ਮੰਤਰੀ ਸ੍ਰੀ ਨਾਇਬ ਸਿੰਘ ਸੈਣੀ ਦੀ ਪ੍ਰਧਾਨਗੀ ਵਿੱਚ ਅੱਜ ਇੱਥੇ ਦ੍ਰੋਣ ਇਮੇਜਿੰਗ ਐਂਡ ਇੰਫਾਰਮੇਸ਼ਨ ਸਰਵਿਸਿਜ਼ ਆਫ ਹਰਿਆਣਾ ਲਿਮੀਟੇਡ ਦੇ ਨਿਦੇਸ਼ਕ ਮੰਡਲ ਦੀ 9ਵੀਂ ਮੀਟਿੰਗ ਪ੍ਰਬੰਧਿਤ ਹੋਈ।
ਮੁੱਖ ਮੰਤਰੀ ਦੀ ਪ੍ਰਧਾਨਗੀ ਵਿੱਚ ਹੋਈ ਡ੍ਰੋਨ ਇਮੇਜਿੰਗ ਅਤੇ ਇੰਫਾਰਮੇਸ਼ਨ ਸਰਵਿਸਿਜ਼ ਆਫ ਹਰਿਆਣਾ ਲਿਮਿਟੇਡ ਦੇ ਡਾਇਰੈਕਟਰਾਂ ਦੀ 9ਵੀਂ ਮੀਟਿੰਗ
ਮੁੱਖ ਮੰਤਰੀ ਨੇ ਦਿੱਤੇ ਨਿਰਦੇਸ਼, ਫਸਲਾਂ ਵਿੱਚ ਬਿਮਾਰੀਆਂ ਦੀ ਪਛਾਣ ਲਈ ਡ੍ਰੋਨ ਅਧਾਰਤ ਪਾਇਲਟ ਪ੍ਰੋਜੈਕਟ ਤਿਆਰ ਕਰਨ
ਮੁੱਖ ਮੰਤਰੀ ਨੇ ਨਿਰਦੇਸ਼ ਦਿੱਤੇ ਹਨ ਕਿ ਡ੍ਰੋਨ ਤਕਨੀਕ ਦਾ ਉਪਯੋਗ ਕੁਦਰਤੀ ਆਪਦਾਵਾਂ ਦੇ ਸਮੇਂ ਰਾਹਤ ਅਤੇ ਬਚਾਅ ਕਾਰਜਾਂ ਵਿੱਚ ਵੀ ਕੀਤਾ ਜਾਵੇ। ਇਸ ਤੋਂ ਇਲਾਵਾ ਫਸਲਾਂ ਵਿੱਚ ਬਿਮਾਰੀਆਂ ਦੀ ਪਛਾਣ ਲਈ ਡ੍ਰੋਨ ਅਧਾਰਤ ਪਾਇਲਟ ਪ੍ਰੋਜੈਕਟ ਤਿਆਰ ਕੀਤਾ ਜਾਵੇ।
ਲਾਇਨਾਂ ਦੇ 680 ਕਿਲੋਮੀਟਰ ਖੇਤਰ ਦੀ ਲਗਭਗ ਜਾਂਚ ਕੀਤੀ ਗਈ ਹੈ। ਇਸ ਮੌਕੇ 'ਤੇ ਮੁੱਖ ਸਕੱਤਰ ਸ੍ਰੀ ਅਨੁਰਾਗ ਰਸਤੋਗੀ, ਮੁੱਖ ਮੰਤਰੀ ਦੇ ਪ੍ਰਧਾਨ ਸਕੱਤਰ ਸ੍ਰੀ ਅਰੁਣ ਕੁਮਾਰ ਗੁਪਤਾ ਸਮੇਤ ਹੋਰ ਅਧਿਕਾਰੀ ਮੌਜੂਦ ਰਹੇ।
